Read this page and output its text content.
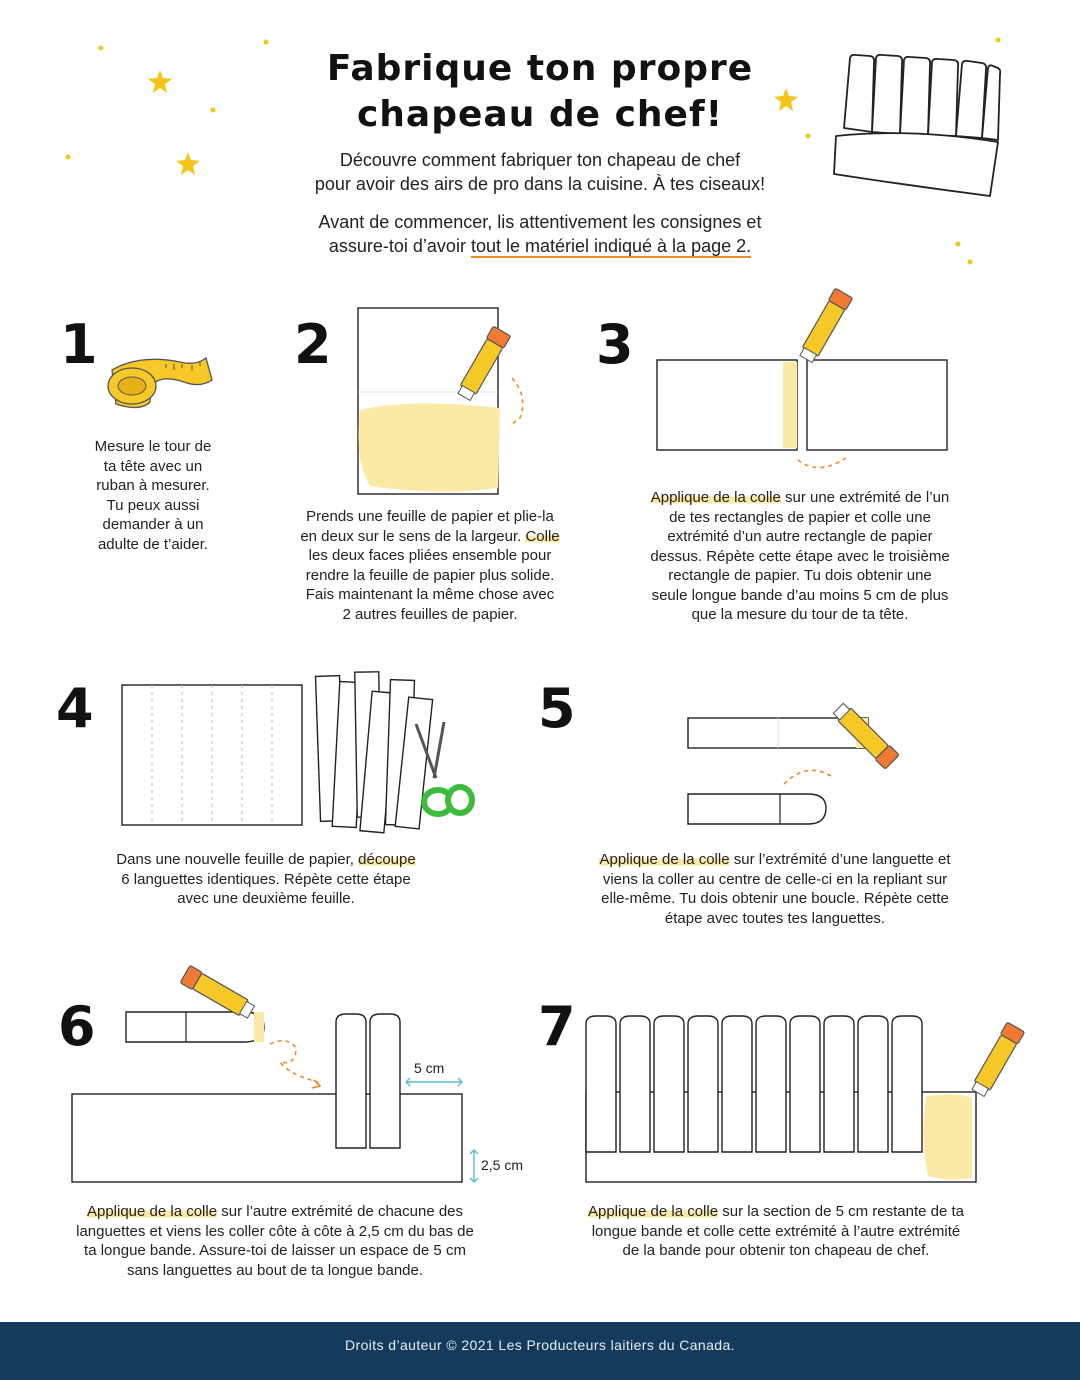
Fabrique ton propre
chapeau de chef!
Découvre comment fabriquer ton chapeau de chef
pour avoir des airs de pro dans la cuisine. À tes ciseaux!
Avant de commencer, lis attentivement les consignes et
assure-toi d’avoir tout le matériel indiqué à la page 2.
1
Mesure le tour de
ta tête avec un
ruban à mesurer.
Tu peux aussi
demander à un
adulte de t’aider.
2
Prends une feuille de papier et plie-la
en deux sur le sens de la largeur. Colle
les deux faces pliées ensemble pour
rendre la feuille de papier plus solide.
Fais maintenant la même chose avec
2 autres feuilles de papier.
3
Applique de la colle sur une extrémité de l’un
de tes rectangles de papier et colle une
extrémité d’un autre rectangle de papier
dessus. Répète cette étape avec le troisième
rectangle de papier. Tu dois obtenir une
seule longue bande d’au moins 5 cm de plus
que la mesure du tour de ta tête.
4
Dans une nouvelle feuille de papier, découpe
6 languettes identiques. Répète cette étape
avec une deuxième feuille.
5
Applique de la colle sur l’extrémité d’une languette et
viens la coller au centre de celle-ci en la repliant sur
elle-même. Tu dois obtenir une boucle. Répète cette
étape avec toutes tes languettes.
6
5 cm
2,5 cm
Applique de la colle sur l’autre extrémité de chacune des
languettes et viens les coller côte à côte à 2,5 cm du bas de
ta longue bande. Assure-toi de laisser un espace de 5 cm
sans languettes au bout de ta longue bande.
7
Applique de la colle sur la section de 5 cm restante de ta
longue bande et colle cette extrémité à l’autre extrémité
de la bande pour obtenir ton chapeau de chef.
Droits d’auteur © 2021 Les Producteurs laitiers du Canada.
